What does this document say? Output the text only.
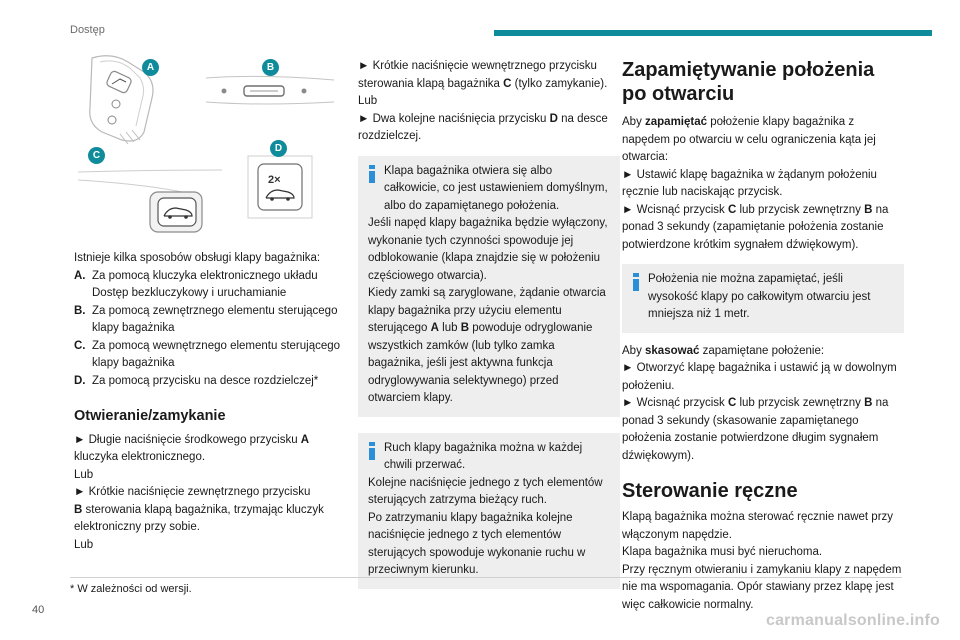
Dostęp
2×
A	B
C
D

Istnieje kilka sposobów obsługi klapy bagażnika:

A. Za pomocą kluczyka elektronicznego układu Dostęp bezkluczykowy i uruchamianie
B. Za pomocą zewnętrznego elementu sterującego klapy bagażnika
C. Za pomocą wewnętrznego elementu sterującego klapy bagażnika
D. Za pomocą przycisku na desce rozdzielczej*
Otwieranie/zamykanie

► Długie naciśnięcie środkowego przycisku A kluczyka elektronicznego.

Lub

► Krótkie naciśnięcie zewnętrznego przycisku
B sterowania klapą bagażnika, trzymając kluczyk elektroniczny przy sobie.

Lub

► Krótkie naciśnięcie wewnętrznego przycisku sterowania klapą bagażnika C (tylko zamykanie).

Lub

► Dwa kolejne naciśnięcia przycisku D na desce rozdzielczej.

Klapa bagażnika otwiera się albo całkowicie, co jest ustawieniem domyślnym, albo do zapamiętanego położenia.

Jeśli napęd klapy bagażnika będzie wyłączony, wykonanie tych czynności spowoduje jej odblokowanie (klapa znajdzie się w położeniu częściowego otwarcia).

Kiedy zamki są zaryglowane, żądanie otwarcia klapy bagażnika przy użyciu elementu sterującego A lub B powoduje odryglowanie wszystkich zamków (lub tylko zamka bagażnika, jeśli jest aktywna funkcja odryglowywania selektywnego) przed otwarciem klapy.

Ruch klapy bagażnika można w każdej chwili przerwać.

Kolejne naciśnięcie jednego z tych elementów sterujących zatrzyma bieżący ruch.

Po zatrzymaniu klapy bagażnika kolejne naciśnięcie jednego z tych elementów sterujących spowoduje wykonanie ruchu w przeciwnym kierunku.

Zapamiętywanie położenia po otwarciu

Aby zapamiętać położenie klapy bagażnika z napędem po otwarciu w celu ograniczenia kąta jej otwarcia:

► Ustawić klapę bagażnika w żądanym położeniu ręcznie lub naciskając przycisk.

► Wcisnąć przycisk C lub przycisk zewnętrzny B na ponad 3 sekundy (zapamiętanie położenia zostanie potwierdzone krótkim sygnałem dźwiękowym).

Położenia nie można zapamiętać, jeśli wysokość klapy po całkowitym otwarciu jest mniejsza niż 1 metr.

Aby skasować zapamiętane położenie:

► Otworzyć klapę bagażnika i ustawić ją w dowolnym położeniu.

► Wcisnąć przycisk C lub przycisk zewnętrzny B na ponad 3 sekundy (skasowanie zapamiętanego położenia zostanie potwierdzone długim sygnałem dźwiękowym).

Sterowanie ręczne

Klapą bagażnika można sterować ręcznie nawet przy włączonym napędzie.

Klapa bagażnika musi być nieruchoma.

Przy ręcznym otwieraniu i zamykaniu klapy z napędem nie ma wspomagania. Opór stawiany przez klapę jest więc całkowicie normalny.

* W zależności od wersji.
40
carmanualsonline.info
